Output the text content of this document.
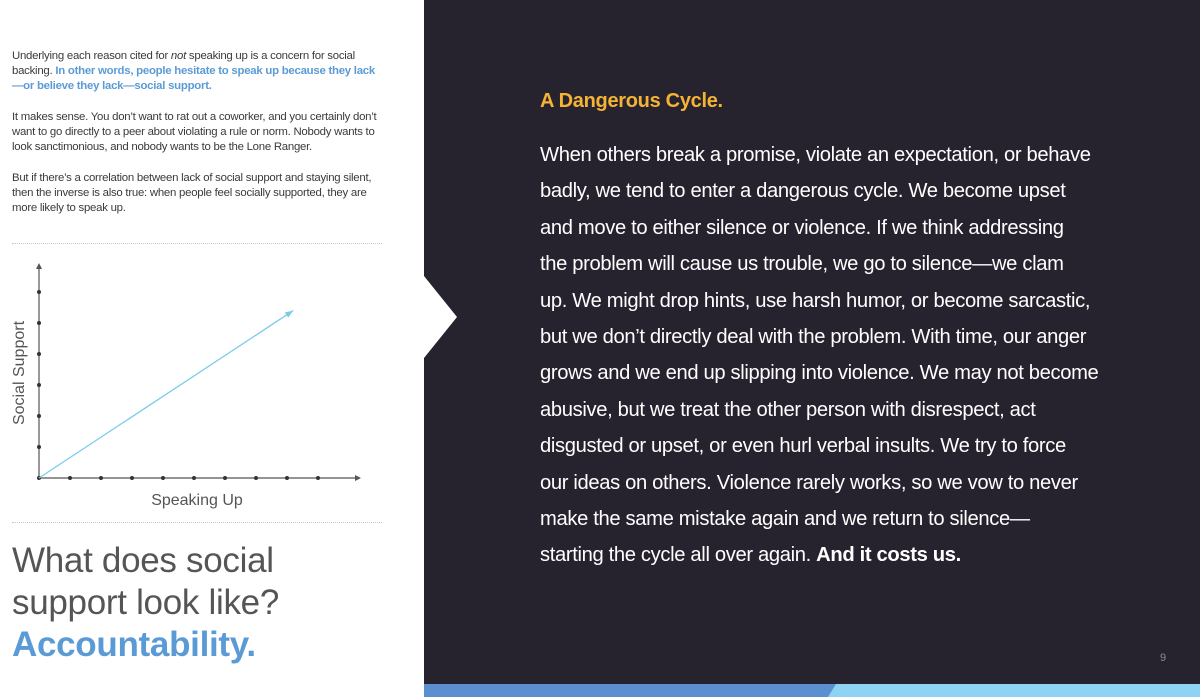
Underlying each reason cited for not speaking up is a concern for social backing. In other words, people hesitate to speak up because they lack—or believe they lack—social support.

It makes sense. You don’t want to rat out a coworker, and you certainly don’t want to go directly to a peer about violating a rule or norm. Nobody wants to look sanctimonious, and nobody wants to be the Lone Ranger.

But if there’s a correlation between lack of social support and staying silent, then the inverse is also true: when people feel socially supported, they are more likely to speak up.

Speaking Up
Social Support
What does social
support look like?
Accountability.
A Dangerous Cycle.
When others break a promise, violate an expectation, or behave
badly, we tend to enter a dangerous cycle. We become upset
and move to either silence or violence. If we think addressing
the problem will cause us trouble, we go to silence—we clam
up. We might drop hints, use harsh humor, or become sarcastic,
but we don’t directly deal with the problem. With time, our anger
grows and we end up slipping into violence. We may not become
abusive, but we treat the other person with disrespect, act
disgusted or upset, or even hurl verbal insults. We try to force
our ideas on others. Violence rarely works, so we vow to never
make the same mistake again and we return to silence—
starting the cycle all over again. And it costs us.
9
